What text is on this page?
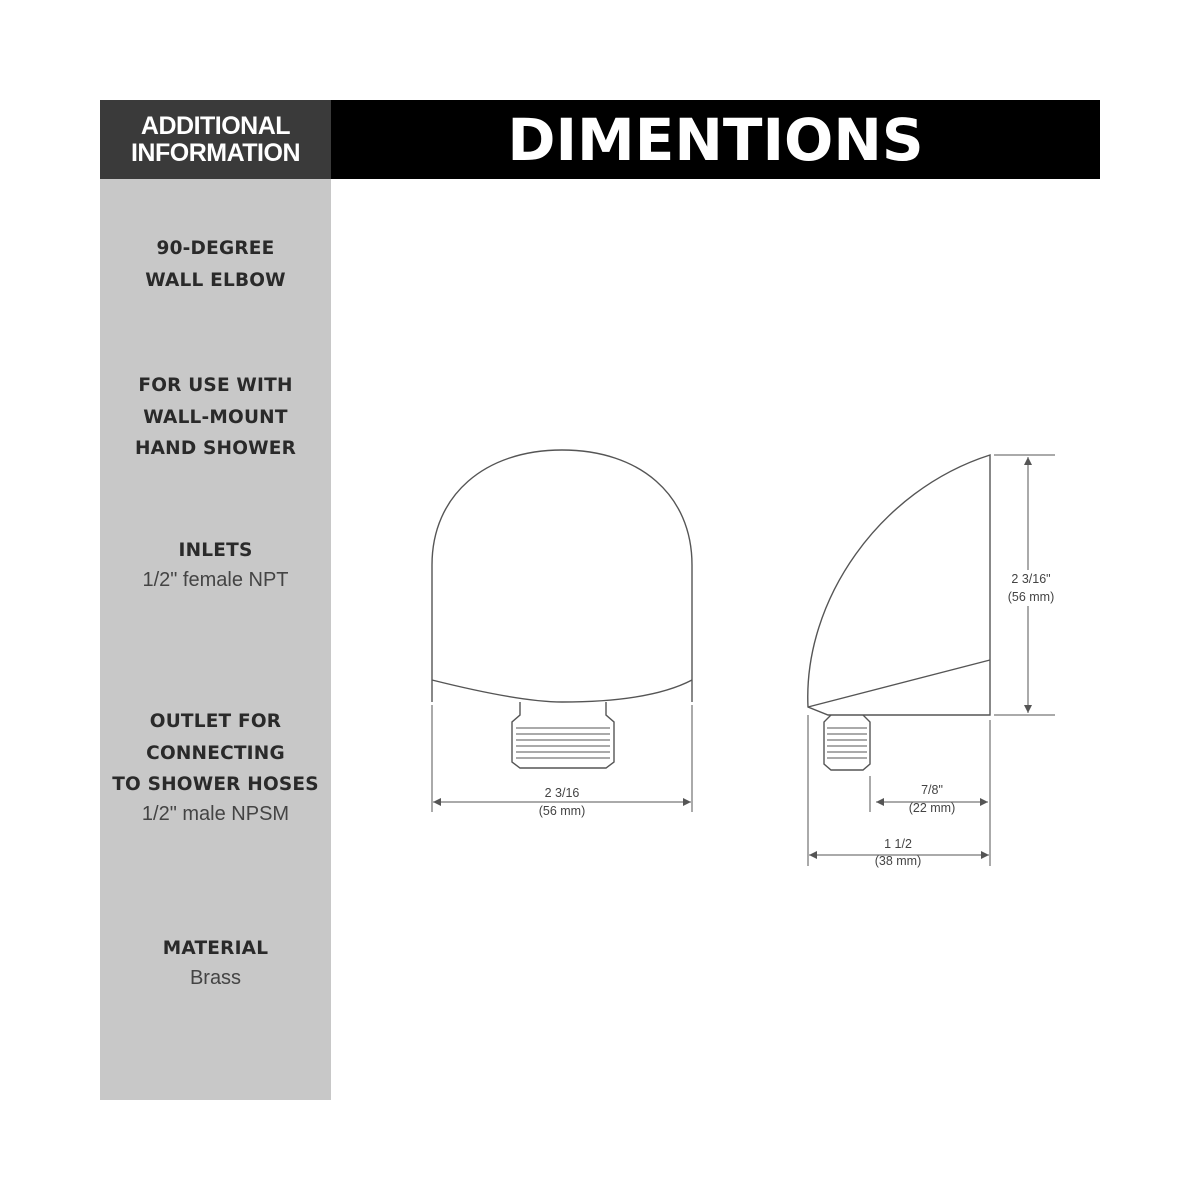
ADDITIONAL
INFORMATION	DIMENTIONS
90-DEGREE
WALL ELBOW
FOR USE WITH
WALL-MOUNT
HAND SHOWER
INLETS
1/2" female NPT
OUTLET FOR
CONNECTING
TO SHOWER HOSES
1/2" male NPSM
MATERIAL
Brass
2 3/16
(56 mm)
2 3/16"
(56 mm)
7/8"
(22 mm)
1 1/2
(38 mm)
